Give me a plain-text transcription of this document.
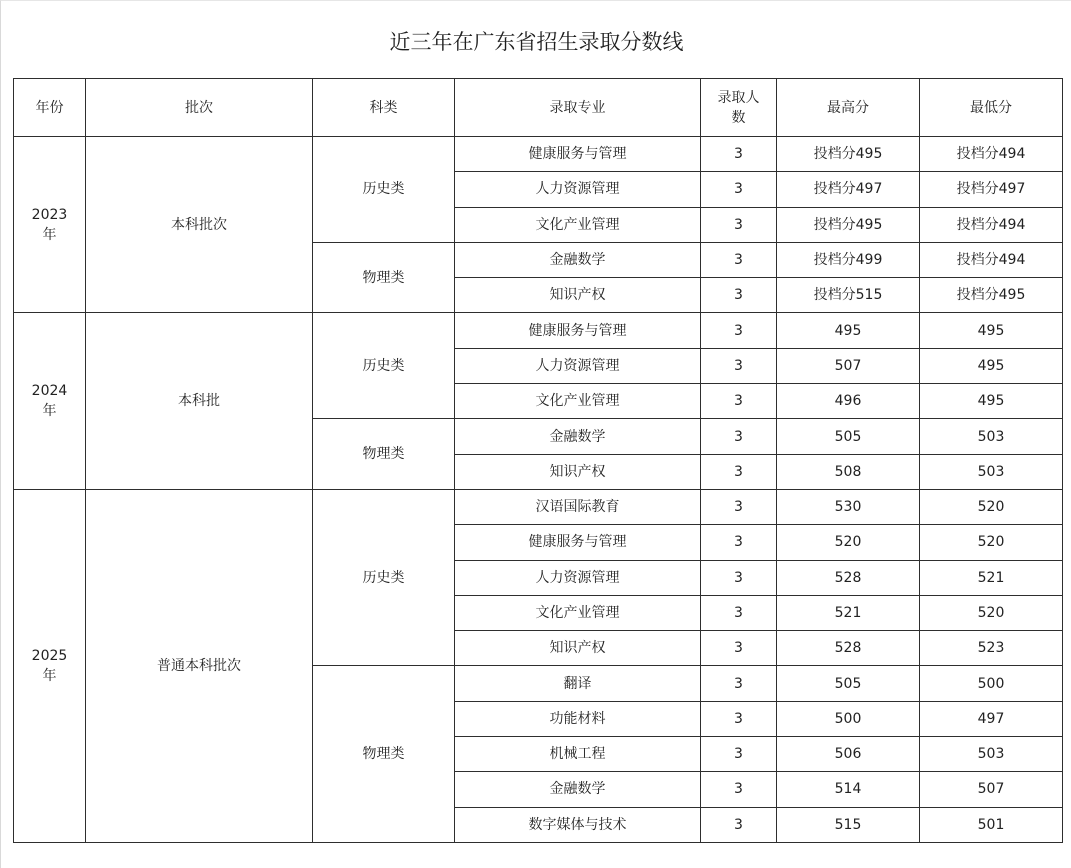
近三年在广东省招生录取分数线
年份	批次	科类	录取专业	录取人数	最高分	最低分
2023年	本科批次	历史类	健康服务与管理	3	投档分495	投档分494
			人力资源管理	3	投档分497	投档分497
			文化产业管理	3	投档分495	投档分494
		物理类	金融数学	3	投档分499	投档分494
			知识产权	3	投档分515	投档分495
2024年	本科批	历史类	健康服务与管理	3	495	495
			人力资源管理	3	507	495
			文化产业管理	3	496	495
		物理类	金融数学	3	505	503
			知识产权	3	508	503
2025年	普通本科批次	历史类	汉语国际教育	3	530	520
			健康服务与管理	3	520	520
			人力资源管理	3	528	521
			文化产业管理	3	521	520
			知识产权	3	528	523
		物理类	翻译	3	505	500
			功能材料	3	500	497
			机械工程	3	506	503
			金融数学	3	514	507
			数字媒体与技术	3	515	501
